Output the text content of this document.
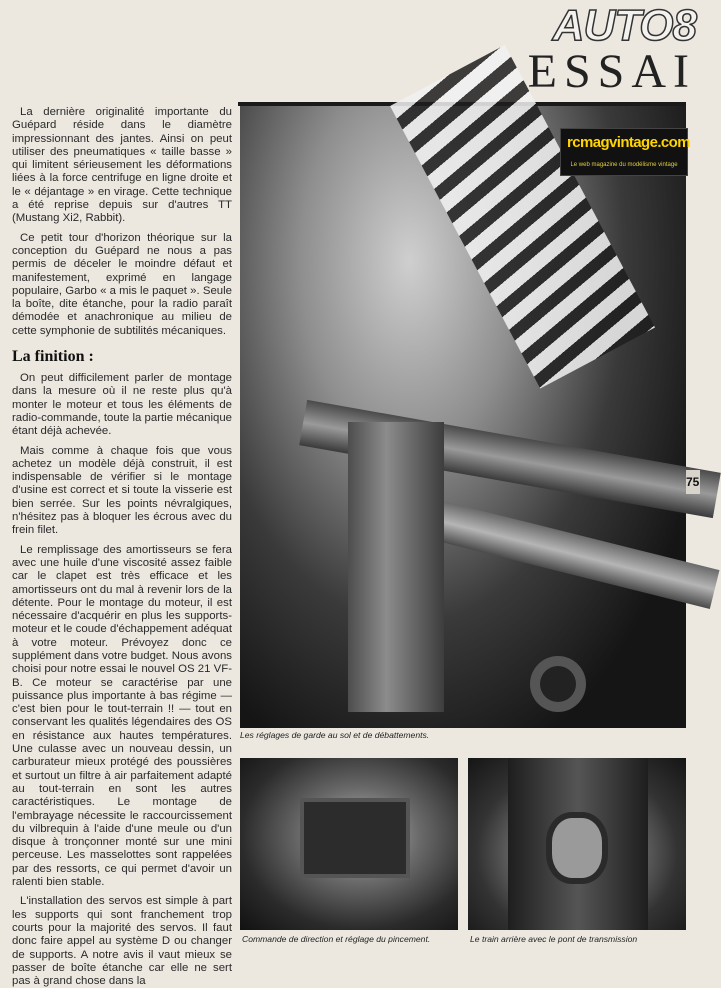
AUTO8
ESSAI

La dernière originalité importante du Guépard réside dans le diamètre impressionnant des jantes. Ainsi on peut utiliser des pneumatiques « taille basse » qui limitent sérieusement les déformations liées à la force centrifuge en ligne droite et le « déjantage » en virage. Cette technique a été reprise depuis sur d'autres TT (Mustang Xi2, Rabbit).

Ce petit tour d'horizon théorique sur la conception du Guépard ne nous a pas permis de déceler le moindre défaut et manifestement, exprimé en langage populaire, Garbo « a mis le paquet ». Seule la boîte, dite étanche, pour la radio paraît démodée et anachronique au milieu de cette symphonie de subtilités mécaniques.

La finition :

On peut difficilement parler de montage dans la mesure où il ne reste plus qu'à monter le moteur et tous les éléments de radio-commande, toute la partie mécanique étant déjà achevée.

Mais comme à chaque fois que vous achetez un modèle déjà construit, il est indispensable de vérifier si le montage d'usine est correct et si toute la visserie est bien serrée. Sur les points névralgiques, n'hésitez pas à bloquer les écrous avec du frein filet.

Le remplissage des amortisseurs se fera avec une huile d'une viscosité assez faible car le clapet est très efficace et les amortisseurs ont du mal à revenir lors de la détente. Pour le montage du moteur, il est nécessaire d'acquérir en plus les supports-moteur et le coude d'échappement adéquat à votre moteur. Prévoyez donc ce supplément dans votre budget. Nous avons choisi pour notre essai le nouvel OS 21 VF-B. Ce moteur se caractérise par une puissance plus importante à bas régime — c'est bien pour le tout-terrain !! — tout en conservant les qualités légendaires des OS en résistance aux hautes températures. Une culasse avec un nouveau dessin, un carburateur mieux protégé des poussières et surtout un filtre à air parfaitement adapté au tout-terrain en sont les autres caractéristiques. Le montage de l'embrayage nécessite le raccourcissement du vilbrequin à l'aide d'une meule ou d'un disque à tronçonner monté sur une mini perceuse. Les masselottes sont rappelées par des ressorts, ce qui permet d'avoir un ralenti bien stable.

L'installation des servos est simple à part les supports qui sont franchement trop courts pour la majorité des servos. Il faut donc faire appel au système D ou changer de supports. A notre avis il vaut mieux se passer de boîte étanche car elle ne sert pas à grand chose dans la

rcmagvintage.com
Le web magazine du modélisme vintage
Les réglages de garde au sol et de débattements.
Commande de direction et réglage du pincement.	Le train arrière avec le pont de transmission
75
